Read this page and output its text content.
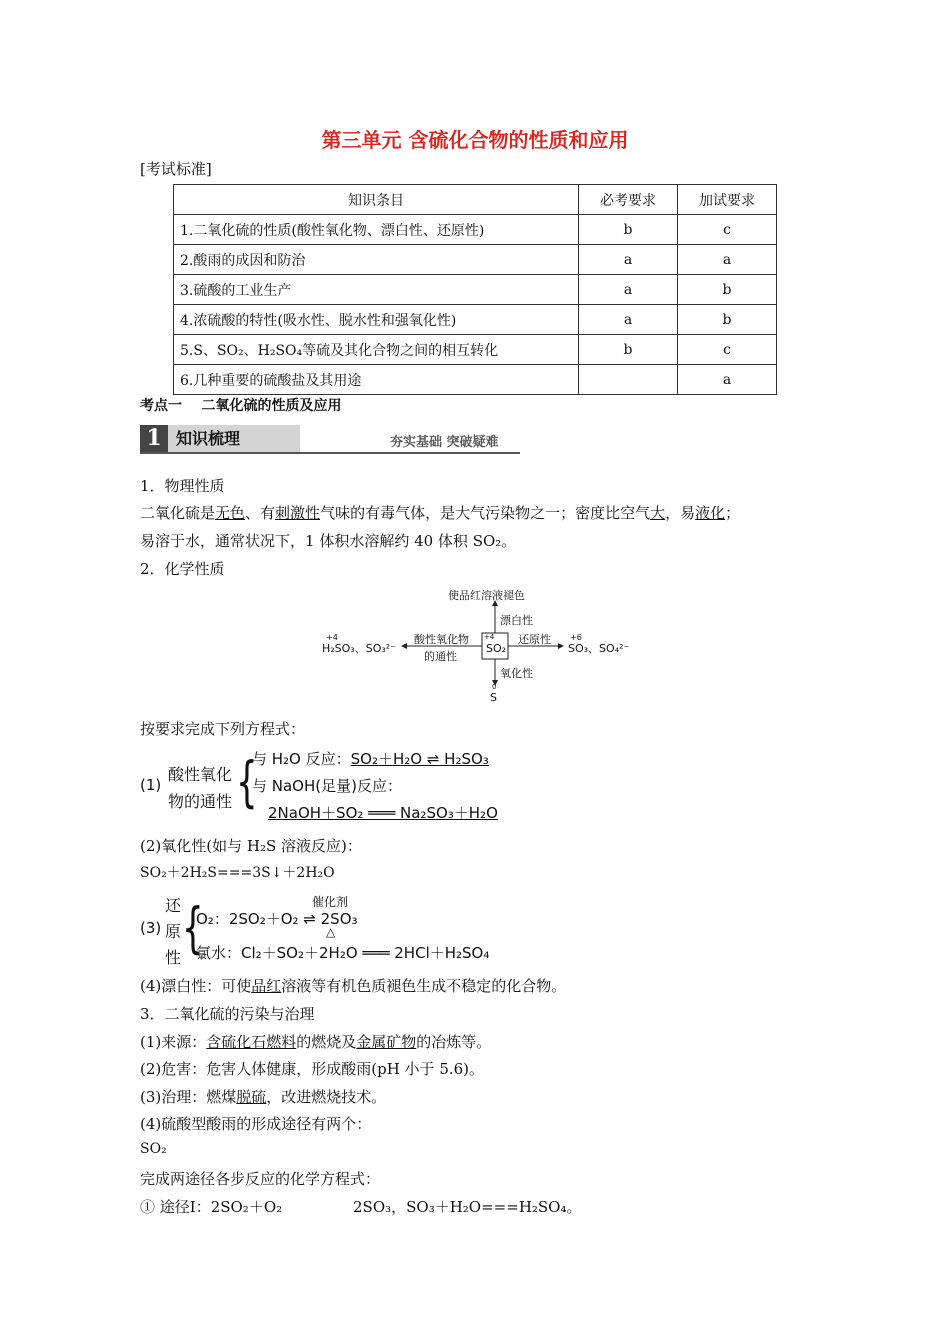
第三单元 含硫化合物的性质和应用
[考试标准]
知识条目	必考要求	加试要求
1.二氧化硫的性质(酸性氧化物、漂白性、还原性)	b	c
2.酸雨的成因和防治	a	a
3.硫酸的工业生产	a	b
4.浓硫酸的特性(吸水性、脱水性和强氧化性)	a	b
5.S、SO₂、H₂SO₄等硫及其化合物之间的相互转化	b	c
6.几种重要的硫酸盐及其用途		a
考点一    二氧化硫的性质及应用
1 知识梳理	夯实基础 突破疑难
1．物理性质
二氧化硫是无色、有刺激性气味的有毒气体，是大气污染物之一；密度比空气大，易液化；
易溶于水，通常状况下，1 体积水溶解约 40 体积 SO₂。
2．化学性质
使品红溶液褪色
漂白性
+4
H₂SO₃、SO₃²⁻
酸性氧化物
的通性
+4
SO₂
还原性 +6
SO₃、SO₄²⁻
氧化性
0
S
按要求完成下列方程式：
(1)
酸性氧化
物的通性 {
与 H₂O 反应：SO₂＋H₂O ⇌ H₂SO₃
与 NaOH(足量)反应：
2NaOH＋SO₂ ═══ Na₂SO₃＋H₂O
(2)氧化性(如与 H₂S 溶液反应)：
SO₂＋2H₂S===3S↓＋2H₂O
还
(3) 原
性 {	催化剂
O₂：2SO₂＋O₂ ⇌ 2SO₃
△
氯水：Cl₂＋SO₂＋2H₂O ═══ 2HCl＋H₂SO₄
(4)漂白性：可使品红溶液等有机色质褪色生成不稳定的化合物。
3．二氧化硫的污染与治理
(1)来源：含硫化石燃料的燃烧及金属矿物的冶炼等。
(2)危害：危害人体健康，形成酸雨(pH 小于 5.6)。
(3)治理：燃煤脱硫，改进燃烧技术。
(4)硫酸型酸雨的形成途径有两个：
SO₂
完成两途径各步反应的化学方程式：
① 途径Ⅰ：2SO₂＋O₂	2SO₃，SO₃＋H₂O===H₂SO₄。
